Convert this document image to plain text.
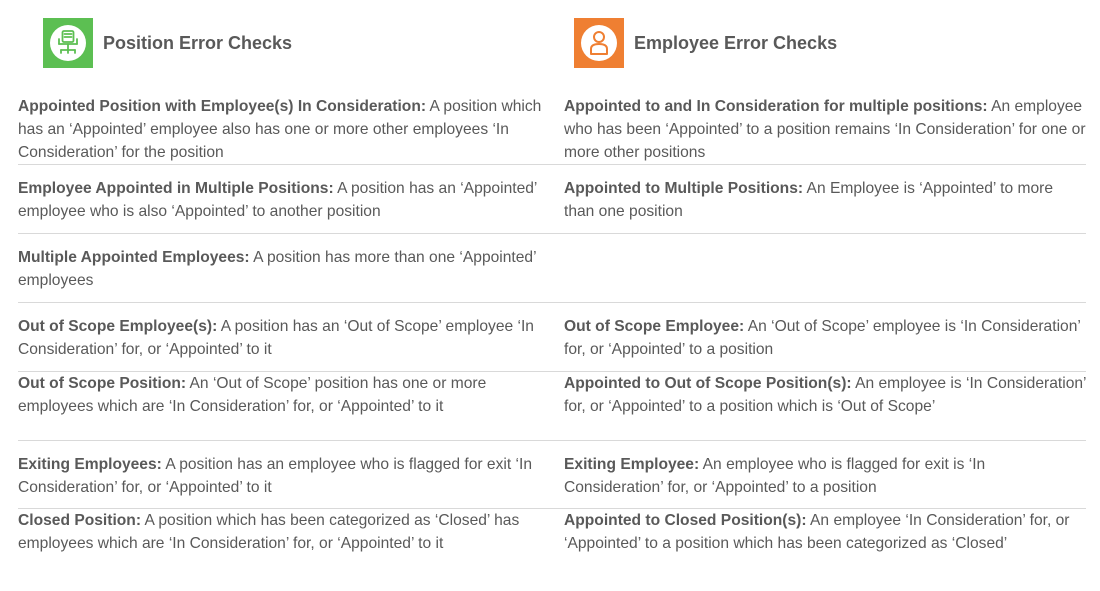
Position Error Checks	Employee Error Checks
Appointed Position with Employee(s) In Consideration: A position which has an ‘Appointed’ employee also has one or more other employees ‘In Consideration’ for the position
Appointed to and In Consideration for multiple positions: An employee who has been ‘Appointed’ to a position remains ‘In Consideration’ for one or more other positions
Employee Appointed in Multiple Positions: A position has an ‘Appointed’ employee who is also ‘Appointed’ to another position
Appointed to Multiple Positions: An Employee is ‘Appointed’ to more than one position
Multiple Appointed Employees: A position has more than one ‘Appointed’ employees
Out of Scope Employee(s): A position has an ‘Out of Scope’ employee ‘In Consideration’ for, or ‘Appointed’ to it
Out of Scope Employee: An ‘Out of Scope’ employee is ‘In Consideration’ for, or ‘Appointed’ to a position
Out of Scope Position: An ‘Out of Scope’ position has one or more employees which are ‘In Consideration’ for, or ‘Appointed’ to it
Appointed to Out of Scope Position(s): An employee is ‘In Consideration’ for, or ‘Appointed’ to a position which is ‘Out of Scope’
Exiting Employees: A position has an employee who is flagged for exit ‘In Consideration’ for, or ‘Appointed’ to it
Exiting Employee: An employee who is flagged for exit is ‘In Consideration’ for, or ‘Appointed’ to a position
Closed Position: A position which has been categorized as ‘Closed’ has employees which are ‘In Consideration’ for, or ‘Appointed’ to it
Appointed to Closed Position(s): An employee ‘In Consideration’ for, or ‘Appointed’ to a position which has been categorized as ‘Closed’
